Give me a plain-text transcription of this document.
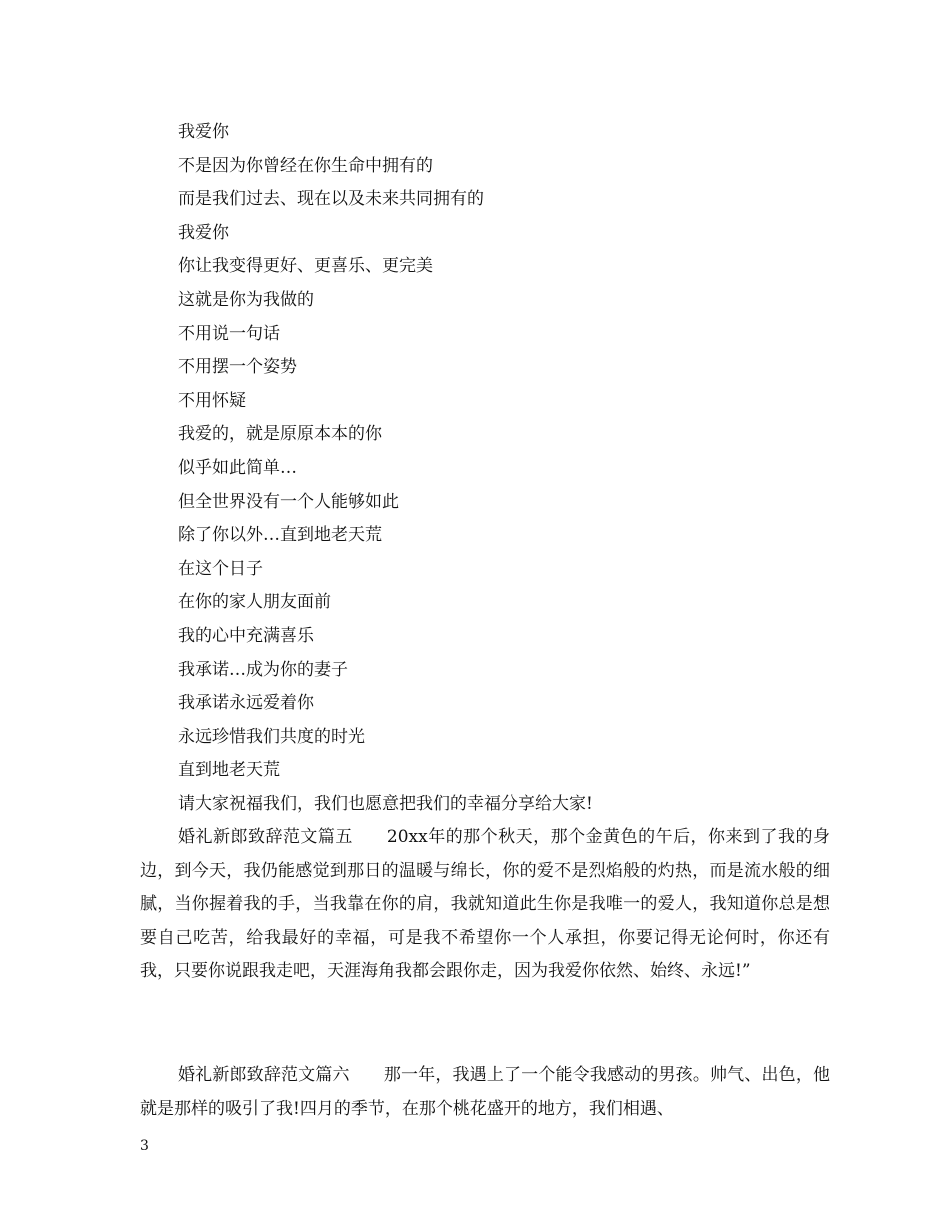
我爱你
不是因为你曾经在你生命中拥有的
而是我们过去、现在以及未来共同拥有的
我爱你
你让我变得更好、更喜乐、更完美
这就是你为我做的
不用说一句话
不用摆一个姿势
不用怀疑
我爱的，就是原原本本的你
似乎如此简单…
但全世界没有一个人能够如此
除了你以外…直到地老天荒
在这个日子
在你的家人朋友面前
我的心中充满喜乐
我承诺…成为你的妻子
我承诺永远爱着你
永远珍惜我们共度的时光
直到地老天荒
请大家祝福我们，我们也愿意把我们的幸福分享给大家!

婚礼新郎致辞范文篇五 20xx年的那个秋天，那个金黄色的午后，你来到了我的身边，到今天，我仍能感觉到那日的温暖与绵长，你的爱不是烈焰般的灼热，而是流水般的细腻，当你握着我的手，当我靠在你的肩，我就知道此生你是我唯一的爱人，我知道你总是想要自己吃苦，给我最好的幸福，可是我不希望你一个人承担，你要记得无论何时，你还有我，只要你说跟我走吧，天涯海角我都会跟你走，因为我爱你依然、始终、永远!”

婚礼新郎致辞范文篇六 那一年，我遇上了一个能令我感动的男孩。帅气、出色，他就是那样的吸引了我!四月的季节，在那个桃花盛开的地方，我们相遇、

3
